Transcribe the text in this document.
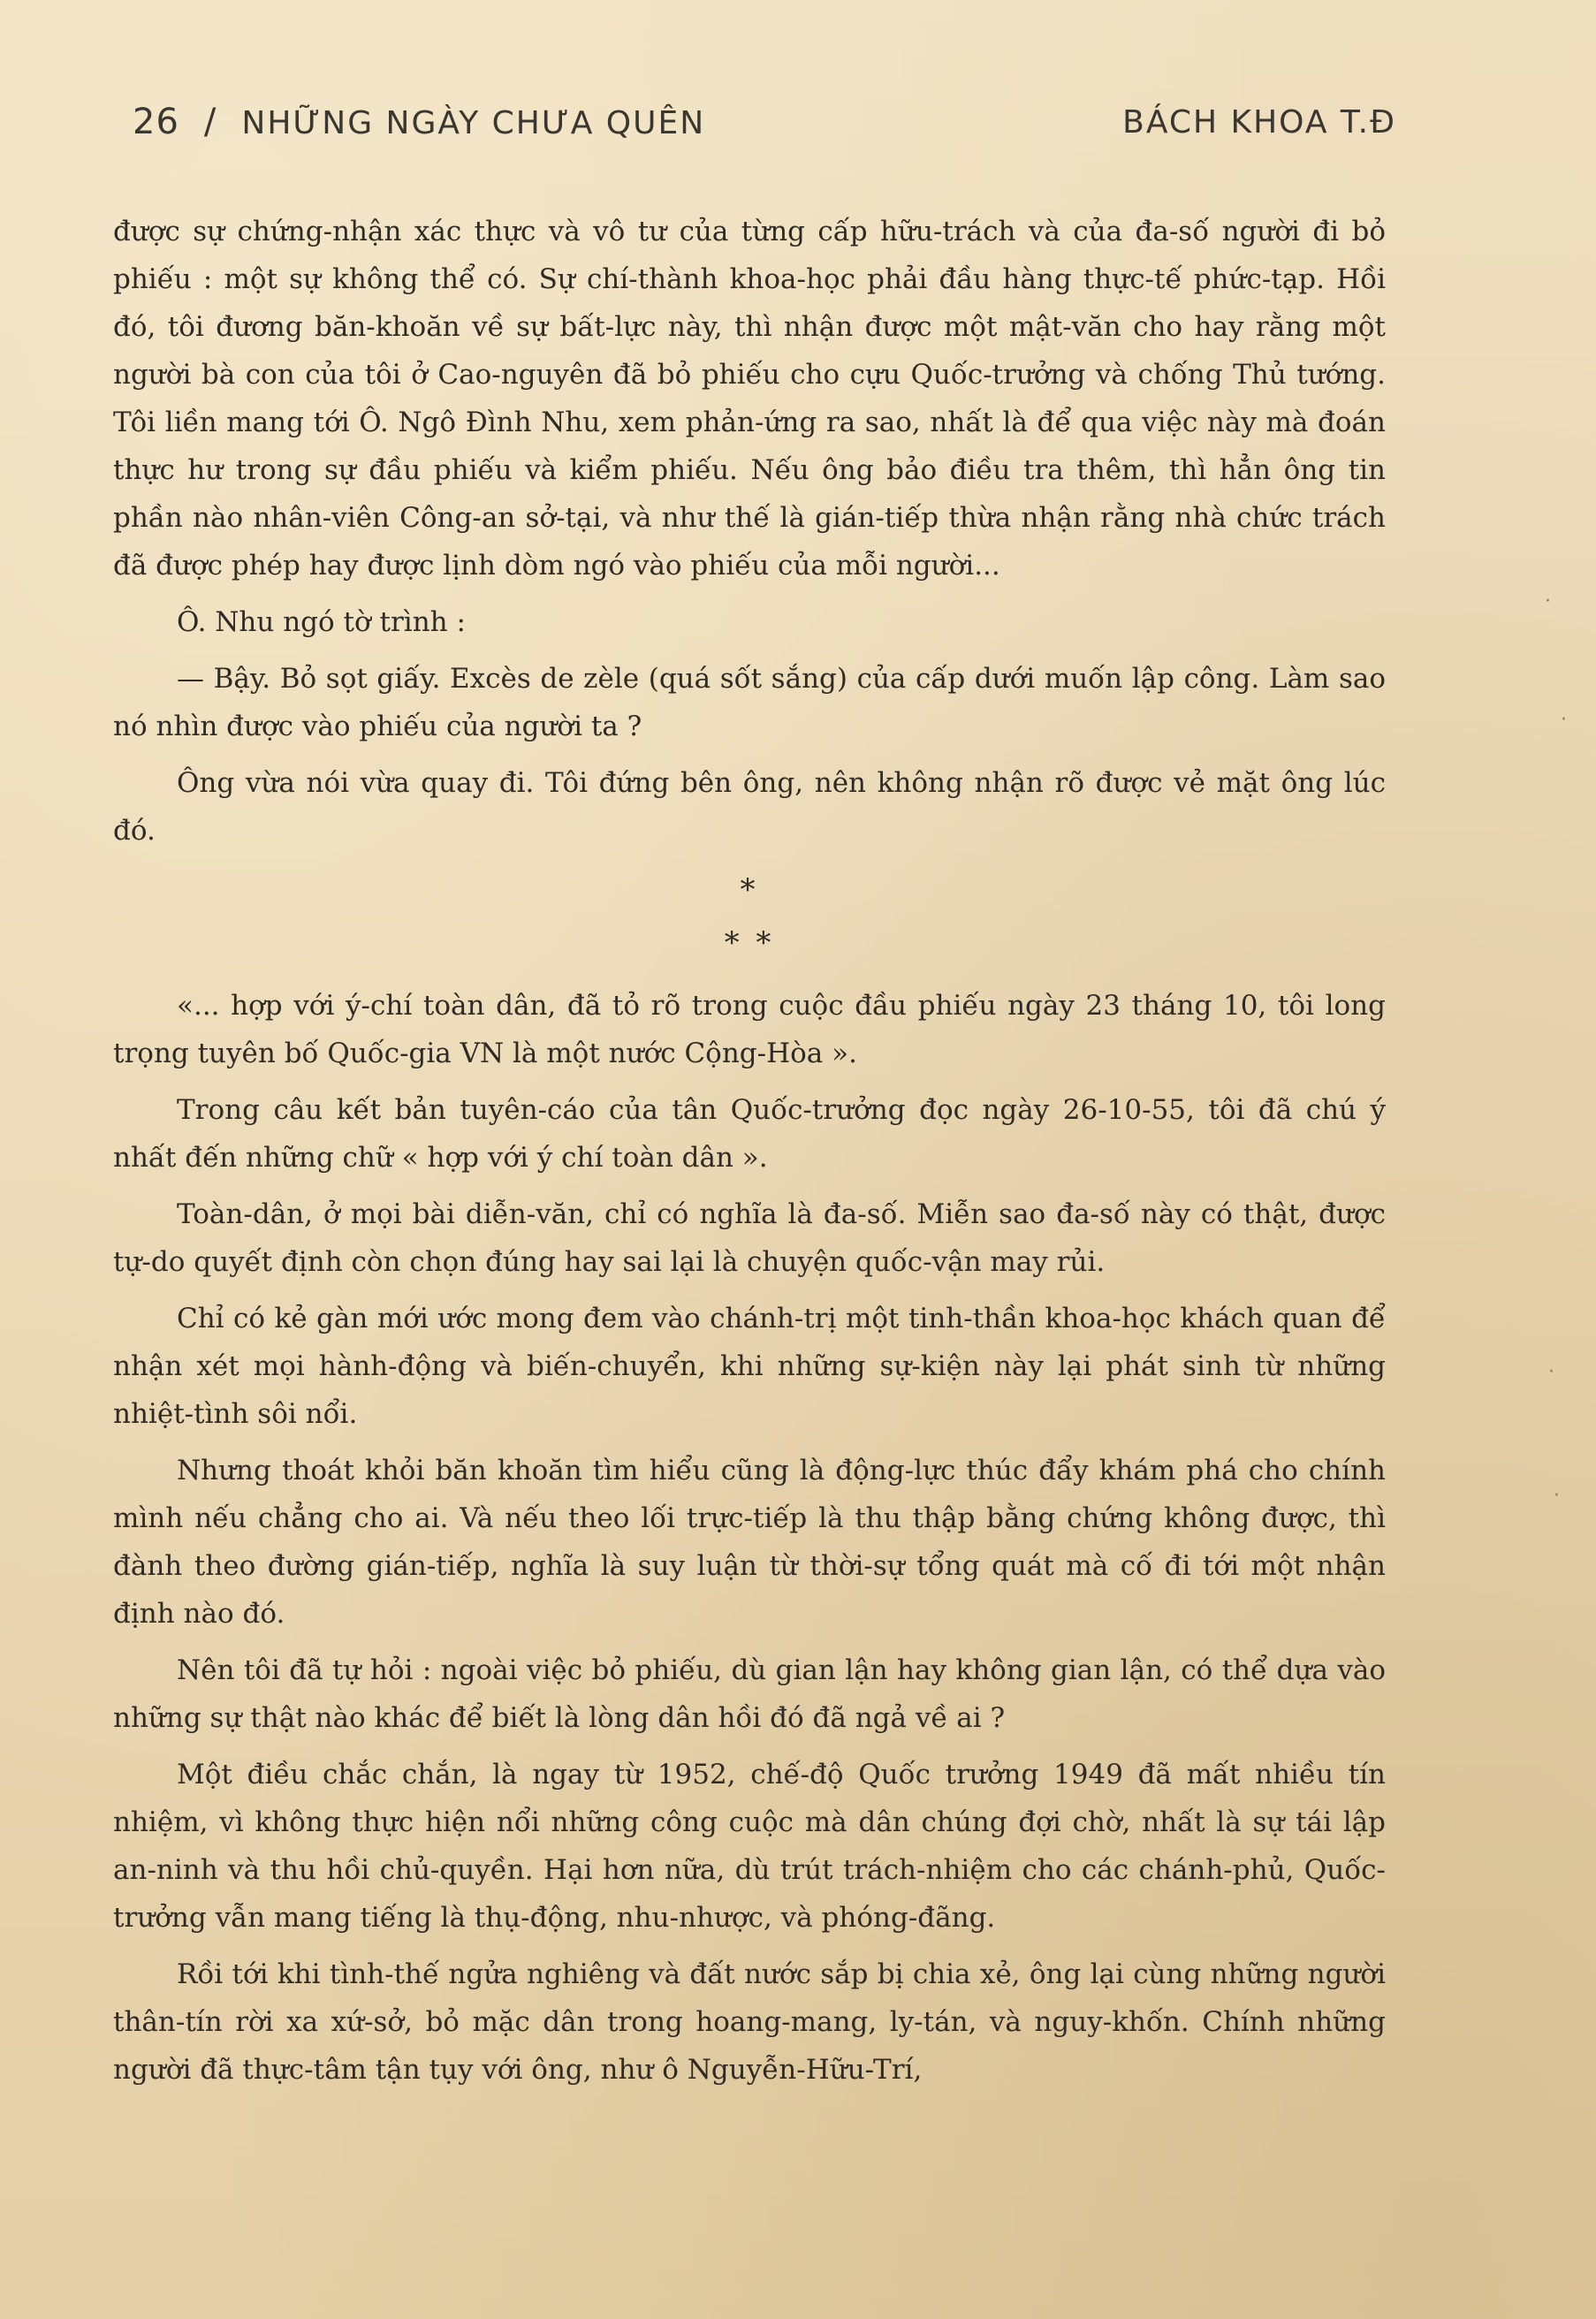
26 / NHỮNG NGÀY CHƯA QUÊN	BÁCH KHOA T.Đ

được sự chứng-nhận xác thực và vô tư của từng cấp hữu-trách và của đa-số người đi bỏ phiếu : một sự không thể có. Sự chí-thành khoa-học phải đầu hàng thực-tế phức-tạp. Hồi đó, tôi đương băn-khoăn về sự bất-lực này, thì nhận được một mật-văn cho hay rằng một người bà con của tôi ở Cao-nguyên đã bỏ phiếu cho cựu Quốc-trưởng và chống Thủ tướng. Tôi liền mang tới Ô. Ngô Đình Nhu, xem phản-ứng ra sao, nhất là để qua việc này mà đoán thực hư trong sự đầu phiếu và kiểm phiếu. Nếu ông bảo điều tra thêm, thì hẳn ông tin phần nào nhân-viên Công-an sở-tại, và như thế là gián-tiếp thừa nhận rằng nhà chức trách đã được phép hay được lịnh dòm ngó vào phiếu của mỗi người...

Ô. Nhu ngó tờ trình :

— Bậy. Bỏ sọt giấy. Excès de zèle (quá sốt sắng) của cấp dưới muốn lập công. Làm sao nó nhìn được vào phiếu của người ta ?

Ông vừa nói vừa quay đi. Tôi đứng bên ông, nên không nhận rõ được vẻ mặt ông lúc đó.

*
* *

«... hợp với ý-chí toàn dân, đã tỏ rõ trong cuộc đầu phiếu ngày 23 tháng 10, tôi long trọng tuyên bố Quốc-gia VN là một nước Cộng-Hòa ».

Trong câu kết bản tuyên-cáo của tân Quốc-trưởng đọc ngày 26-10-55, tôi đã chú ý nhất đến những chữ « hợp với ý chí toàn dân ».

Toàn-dân, ở mọi bài diễn-văn, chỉ có nghĩa là đa-số. Miễn sao đa-số này có thật, được tự-do quyết định còn chọn đúng hay sai lại là chuyện quốc-vận may rủi.

Chỉ có kẻ gàn mới ước mong đem vào chánh-trị một tinh-thần khoa-học khách quan để nhận xét mọi hành-động và biến-chuyển, khi những sự-kiện này lại phát sinh từ những nhiệt-tình sôi nổi.

Nhưng thoát khỏi băn khoăn tìm hiểu cũng là động-lực thúc đẩy khám phá cho chính mình nếu chẳng cho ai. Và nếu theo lối trực-tiếp là thu thập bằng chứng không được, thì đành theo đường gián-tiếp, nghĩa là suy luận từ thời-sự tổng quát mà cố đi tới một nhận định nào đó.

Nên tôi đã tự hỏi : ngoài việc bỏ phiếu, dù gian lận hay không gian lận, có thể dựa vào những sự thật nào khác để biết là lòng dân hồi đó đã ngả về ai ?

Một điều chắc chắn, là ngay từ 1952, chế-độ Quốc trưởng 1949 đã mất nhiều tín nhiệm, vì không thực hiện nổi những công cuộc mà dân chúng đợi chờ, nhất là sự tái lập an-ninh và thu hồi chủ-quyền. Hại hơn nữa, dù trút trách-nhiệm cho các chánh-phủ, Quốc-trưởng vẫn mang tiếng là thụ-động, nhu-nhược, và phóng-đãng.

Rồi tới khi tình-thế ngửa nghiêng và đất nước sắp bị chia xẻ, ông lại cùng những người thân-tín rời xa xứ-sở, bỏ mặc dân trong hoang-mang, ly-tán, và nguy-khốn. Chính những người đã thực-tâm tận tụy với ông, như ô Nguyễn-Hữu-Trí,

·
·
·
·
